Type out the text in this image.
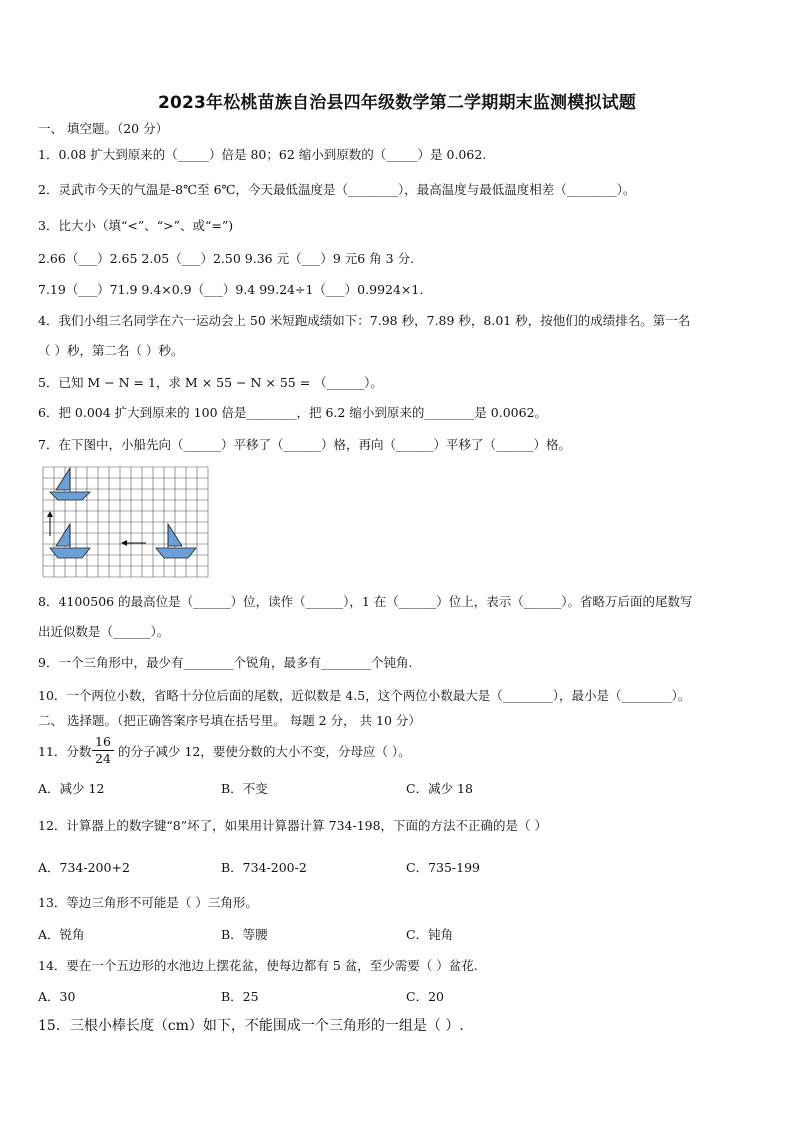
2023年松桃苗族自治县四年级数学第二学期期末监测模拟试题
一、 填空题。（20 分）
1．0.08 扩大到原来的（_____）倍是 80；62 缩小到原数的（_____）是 0.062.
2．灵武市今天的气温是-8℃至 6℃，今天最低温度是（________），最高温度与最低温度相差（________）。
3．比大小（填“<”、“>”、或“=”)
2.66（___）2.65 2.05（___）2.50 9.36 元（___）9 元6 角 3 分.
7.19（___）71.9 9.4×0.9（___）9.4 99.24÷1（___）0.9924×1.
4．我们小组三名同学在六一运动会上 50 米短跑成绩如下：7.98 秒，7.89 秒，8.01 秒，按他们的成绩排名。第一名
（ ）秒，第二名（ ）秒。
5．已知 M − N = 1，求 M × 55 − N × 55 = （______）。
6．把 0.004 扩大到原来的 100 倍是________，把 6.2 缩小到原来的________是 0.0062。
7．在下图中，小船先向（______）平移了（______）格，再向（______）平移了（______）格。
8．4100506 的最高位是（______）位，读作（______），1 在（______）位上，表示（______）。省略万后面的尾数写
出近似数是（______）。
9．一个三角形中，最少有________个锐角，最多有________个钝角.
10．一个两位小数，省略十分位后面的尾数，近似数是 4.5，这个两位小数最大是（________），最小是（________）。
二、 选择题。（把正确答案序号填在括号里。 每题 2 分， 共 10 分）
11．分数
16
24 的分子减少 12，要使分数的大小不变，分母应（ ）。
A．减少 12	B．不变	C．减少 18
12．计算器上的数字键“8”坏了，如果用计算器计算 734-198，下面的方法不正确的是（ ）
A．734-200+2	B．734-200-2	C．735-199
13．等边三角形不可能是（ ）三角形。
A．锐角	B．等腰	C．钝角
14．要在一个五边形的水池边上摆花盆，使每边都有 5 盆，至少需要（ ）盆花.
A．30	B．25	C．20
15．三根小棒长度（cm）如下，不能围成一个三角形的一组是（ ）.
